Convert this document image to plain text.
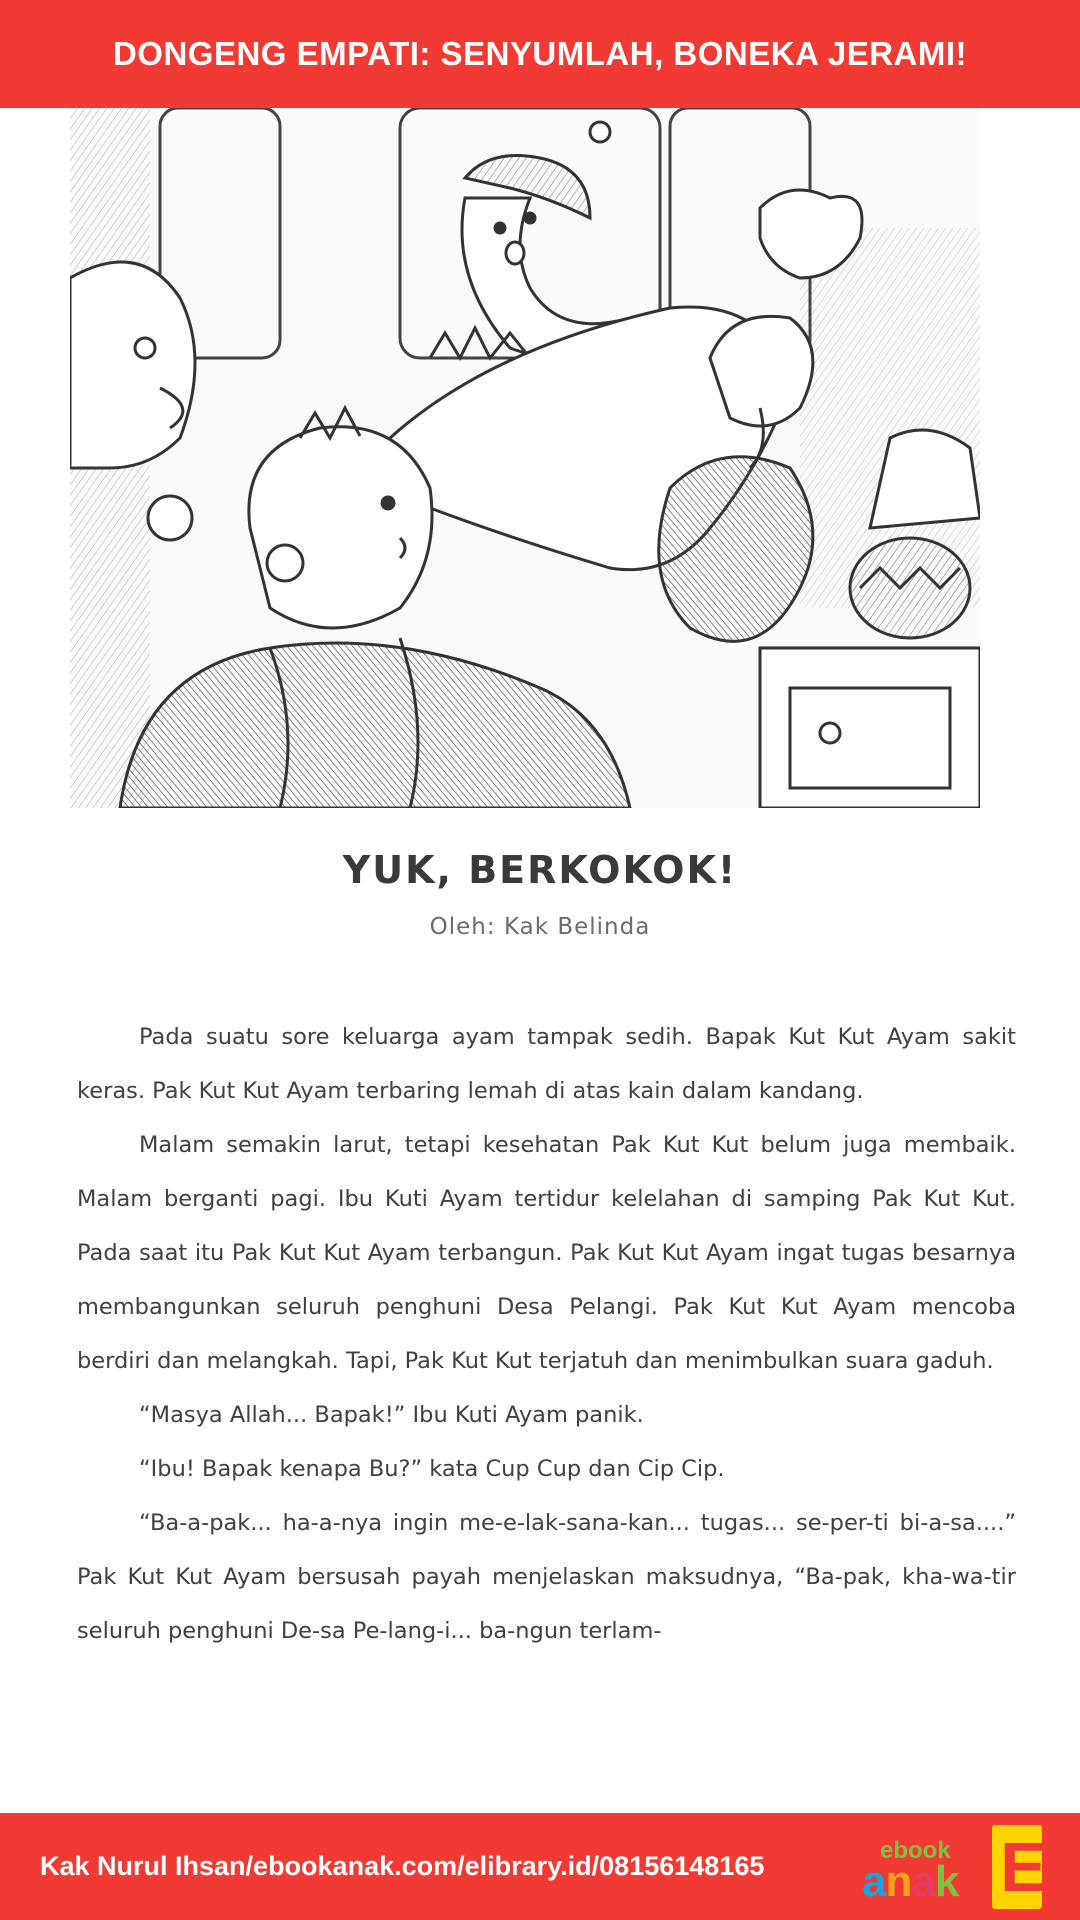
DONGENG EMPATI: SENYUMLAH, BONEKA JERAMI!
YUK, BERKOKOK!
Oleh: Kak Belinda

Pada suatu sore keluarga ayam tampak sedih. Bapak Kut Kut Ayam sakit keras. Pak Kut Kut Ayam terbaring lemah di atas kain dalam kandang.

Malam semakin larut, tetapi kesehatan Pak Kut Kut belum juga membaik. Malam berganti pagi. Ibu Kuti Ayam tertidur kelelahan di samping Pak Kut Kut. Pada saat itu Pak Kut Kut Ayam terbangun. Pak Kut Kut Ayam ingat tugas besarnya membangunkan seluruh penghuni Desa Pelangi. Pak Kut Kut Ayam mencoba berdiri dan melangkah. Tapi, Pak Kut Kut terjatuh dan menimbulkan suara gaduh.

“Masya Allah... Bapak!” Ibu Kuti Ayam panik.

“Ibu! Bapak kenapa Bu?” kata Cup Cup dan Cip Cip.

“Ba-a-pak... ha-a-nya ingin me-e-lak-sana-kan... tugas... se-per-ti bi-a-sa....” Pak Kut Kut Ayam bersusah payah menjelaskan maksudnya, “Ba-pak, kha-wa-tir seluruh penghuni De-sa Pe-lang-i... ba-ngun terlam-

Kak Nurul Ihsan/ebookanak.com/elibrary.id/08156148165
ebook
anak E
